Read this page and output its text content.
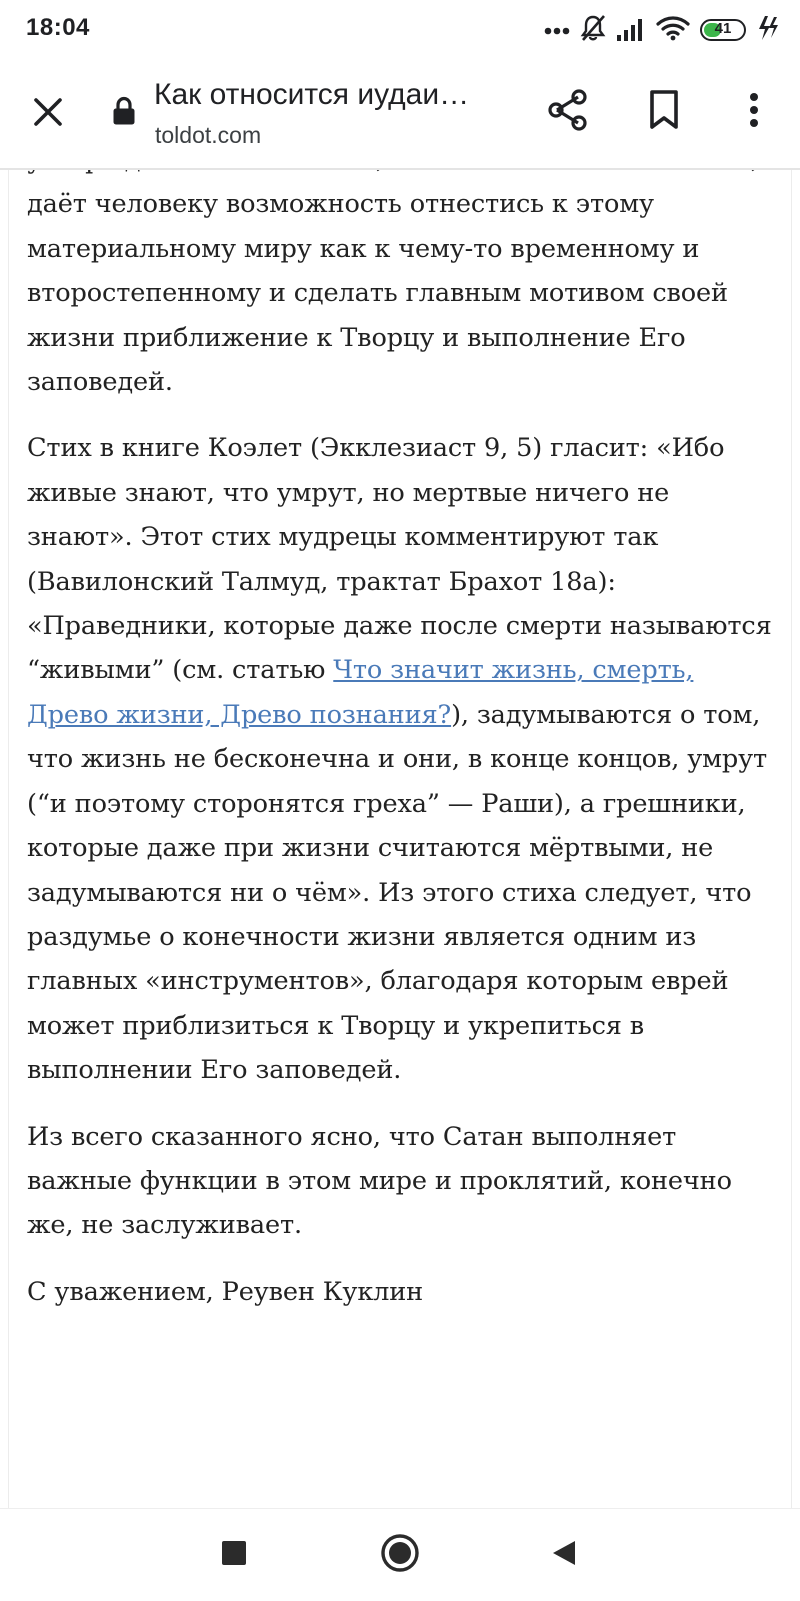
18:04	41
Как относится иудаи…
toldot.com

даёт человеку возможность отнестись к этому материальному миру как к чему-то временному и второстепенному и сделать главным мотивом своей жизни приближение к Творцу и выполнение Его заповедей.

Стих в книге Коэлет (Экклезиаст 9, 5) гласит: «Ибо живые знают, что умрут, но мертвые ничего не знают». Этот стих мудрецы комментируют так (Вавилонский Талмуд, трактат Брахот 18а): «Праведники, которые даже после смерти называются “живыми” (см. статью Что значит жизнь, смерть, Древо жизни, Древо познания?), задумываются о том, что жизнь не бесконечна и они, в конце концов, умрут (“и поэтому сторонятся греха” — Раши), а грешники, которые даже при жизни считаются мёртвыми, не задумываются ни о чём». Из этого стиха следует, что раздумье о конечности жизни является одним из главных «инструментов», благодаря которым еврей может приблизиться к Творцу и укрепиться в выполнении Его заповедей.

Из всего сказанного ясно, что Сатан выполняет важные функции в этом мире и проклятий, конечно же, не заслуживает.

С уважением, Реувен Куклин
